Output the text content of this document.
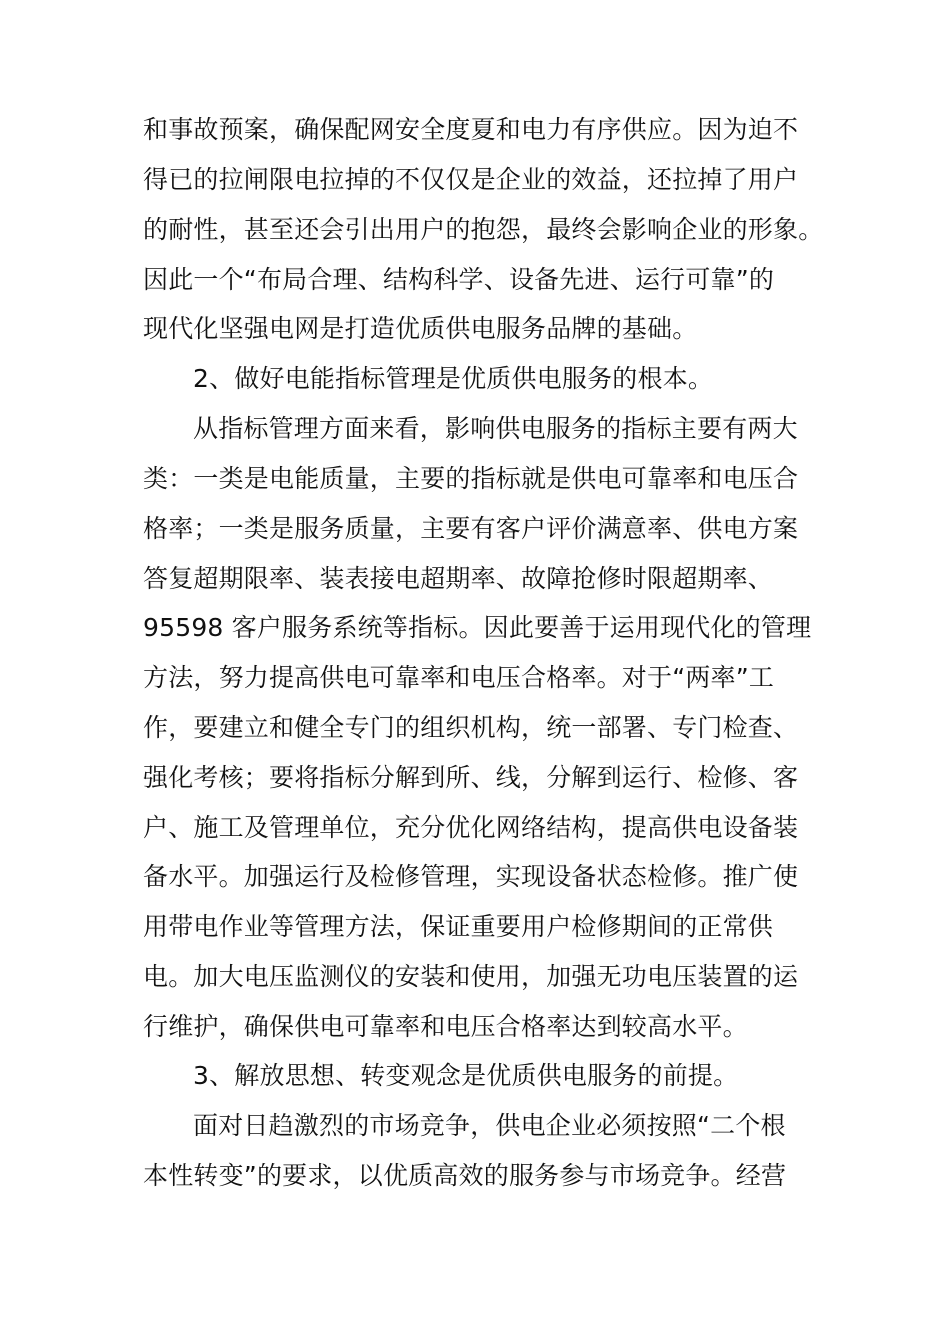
和事故预案，确保配网安全度夏和电力有序供应。因为迫不
得已的拉闸限电拉掉的不仅仅是企业的效益，还拉掉了用户
的耐性，甚至还会引出用户的抱怨，最终会影响企业的形象。
因此一个“布局合理、结构科学、设备先进、运行可靠”的
现代化坚强电网是打造优质供电服务品牌的基础。
2、做好电能指标管理是优质供电服务的根本。
从指标管理方面来看，影响供电服务的指标主要有两大
类：一类是电能质量，主要的指标就是供电可靠率和电压合
格率；一类是服务质量，主要有客户评价满意率、供电方案
答复超期限率、装表接电超期率、故障抢修时限超期率、
95598 客户服务系统等指标。因此要善于运用现代化的管理
方法，努力提高供电可靠率和电压合格率。对于“两率”工
作，要建立和健全专门的组织机构，统一部署、专门检查、
强化考核；要将指标分解到所、线，分解到运行、检修、客
户、施工及管理单位，充分优化网络结构，提高供电设备装
备水平。加强运行及检修管理，实现设备状态检修。推广使
用带电作业等管理方法，保证重要用户检修期间的正常供
电。加大电压监测仪的安装和使用，加强无功电压装置的运
行维护，确保供电可靠率和电压合格率达到较高水平。
3、解放思想、转变观念是优质供电服务的前提。
面对日趋激烈的市场竞争，供电企业必须按照“二个根
本性转变”的要求，以优质高效的服务参与市场竞争。经营
